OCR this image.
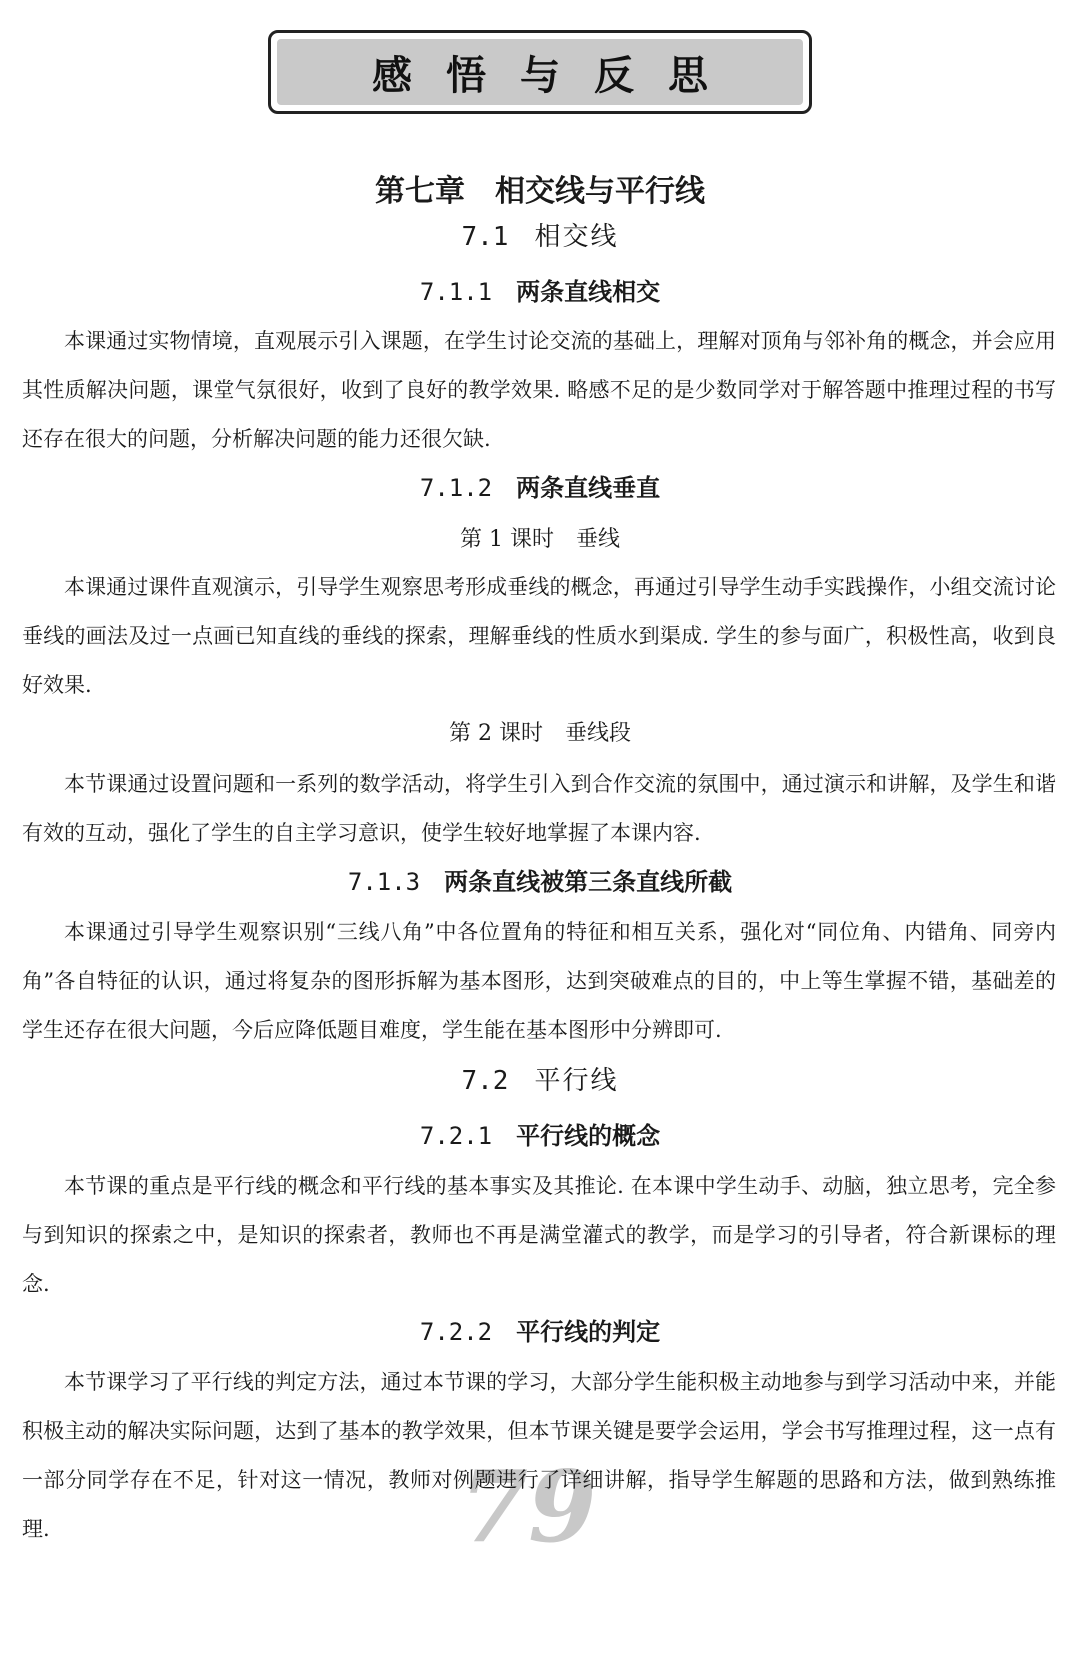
感悟与反思
第七章　相交线与平行线
7.1　 相交线
7.1.1　 两条直线相交

本课通过实物情境，直观展示引入课题，在学生讨论交流的基础上，理解对顶角与邻补角的概念，并会应用其性质解决问题，课堂气氛很好，收到了良好的教学效果. 略感不足的是少数同学对于解答题中推理过程的书写还存在很大的问题，分析解决问题的能力还很欠缺.

7.1.2　 两条直线垂直
第 1 课时　 垂线

本课通过课件直观演示，引导学生观察思考形成垂线的概念，再通过引导学生动手实践操作，小组交流讨论垂线的画法及过一点画已知直线的垂线的探索，理解垂线的性质水到渠成. 学生的参与面广，积极性高，收到良好效果.

第 2 课时　 垂线段

本节课通过设置问题和一系列的数学活动，将学生引入到合作交流的氛围中，通过演示和讲解，及学生和谐有效的互动，强化了学生的自主学习意识，使学生较好地掌握了本课内容.

7.1.3　 两条直线被第三条直线所截

本课通过引导学生观察识别“三线八角”中各位置角的特征和相互关系，强化对“同位角、内错角、同旁内角”各自特征的认识，通过将复杂的图形拆解为基本图形，达到突破难点的目的，中上等生掌握不错，基础差的学生还存在很大问题，今后应降低题目难度，学生能在基本图形中分辨即可.

7.2　 平行线
7.2.1　 平行线的概念

本节课的重点是平行线的概念和平行线的基本事实及其推论. 在本课中学生动手、动脑，独立思考，完全参与到知识的探索之中，是知识的探索者，教师也不再是满堂灌式的教学，而是学习的引导者，符合新课标的理念.

7.2.2　 平行线的判定
79

本节课学习了平行线的判定方法，通过本节课的学习，大部分学生能积极主动地参与到学习活动中来，并能积极主动的解决实际问题，达到了基本的教学效果，但本节课关键是要学会运用，学会书写推理过程，这一点有一部分同学存在不足，针对这一情况，教师对例题进行了详细讲解，指导学生解题的思路和方法，做到熟练推理.
